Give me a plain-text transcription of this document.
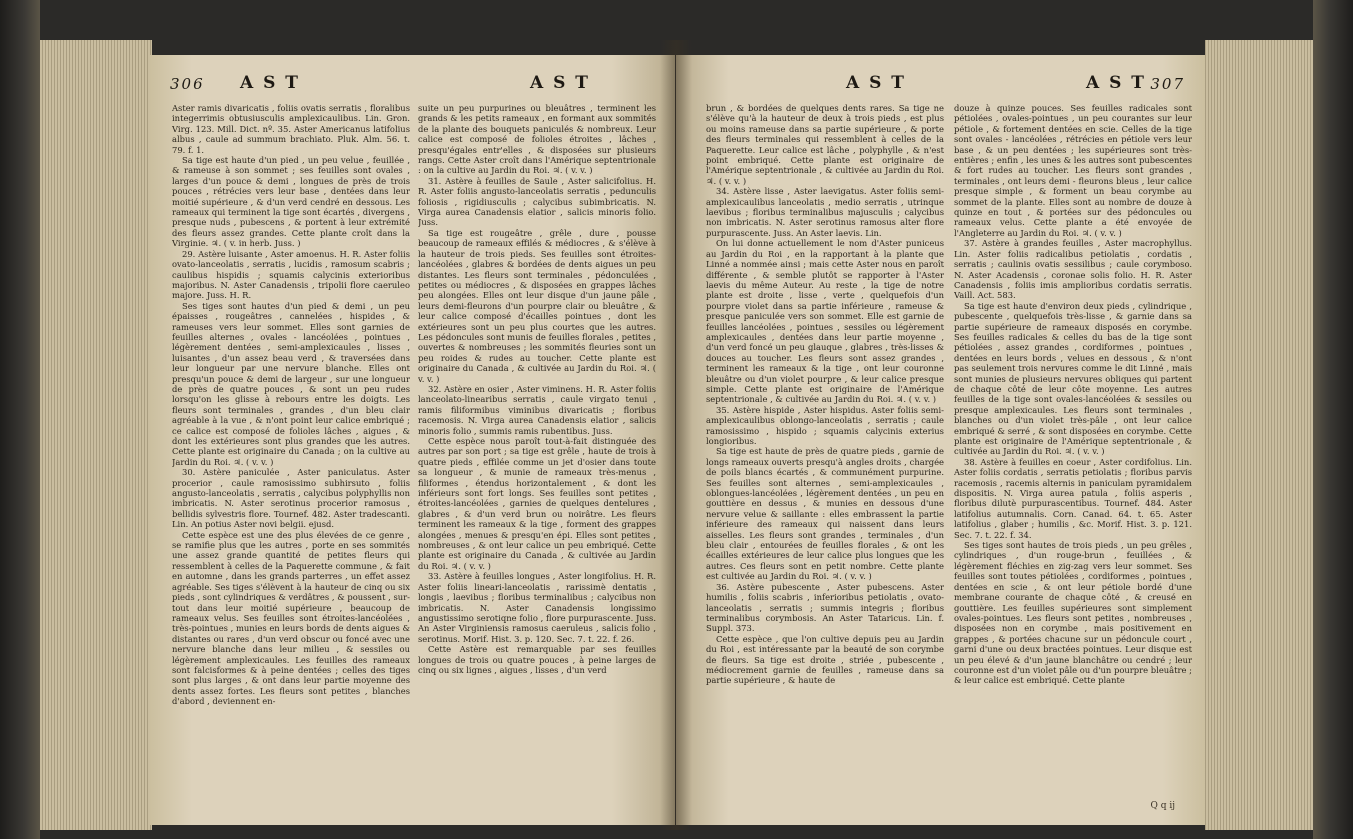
306 A S T	A S T

Aster ramis divaricatis , foliis ovatis serratis , floralibus integerrimis obtusiusculis amplexicaulibus. Lin. Gron. Virg. 123. Mill. Dict. nº. 35. Aster Americanus latifolius albus , caule ad summum brachiato. Pluk. Alm. 56. t. 79. f. 1.

Sa tige est haute d'un pied , un peu velue , feuillée , & rameuse à son sommet ; ses feuilles sont ovales , larges d'un pouce & demi , longues de près de trois pouces , rétrécies vers leur base , dentées dans leur moitié supérieure , & d'un verd cendré en dessous. Les rameaux qui terminent la tige sont écartés , divergens , presque nuds , pubescens , & portent à leur extrémité des fleurs assez grandes. Cette plante croît dans la Virginie. ♃. ( v. in herb. Juss. )

29. Astère luisante , Aster amoenus. H. R. Aster foliis ovato-lanceolatis , serratis , lucidis , ramosum scabris ; caulibus hispidis ; squamis calycinis exterioribus majoribus. N. Aster Canadensis , tripolii flore caeruleo majore. Juss. H. R.

Ses tiges sont hautes d'un pied & demi , un peu épaisses , rougeâtres , cannelées , hispides , & rameuses vers leur sommet. Elles sont garnies de feuilles alternes , ovales - lancéolées , pointues , légèrement dentées , semi-amplexicaules , lisses , luisantes , d'un assez beau verd , & traversées dans leur longueur par une nervure blanche. Elles ont presqu'un pouce & demi de largeur , sur une longueur de près de quatre pouces , & sont un peu rudes lorsqu'on les glisse à rebours entre les doigts. Les fleurs sont terminales , grandes , d'un bleu clair agréable à la vue , & n'ont point leur calice embriqué ; ce calice est composé de folioles lâches , aigues , & dont les extérieures sont plus grandes que les autres. Cette plante est originaire du Canada ; on la cultive au Jardin du Roi. ♃. ( v. v. )

30. Astère paniculée , Aster paniculatus. Aster procerior , caule ramosissimo subhirsuto , foliis angusto-lanceolatis , serratis , calycibus polyphyllis non imbricatis. N. Aster serotinus procerior ramosus , bellidis sylvestris flore. Tournef. 482. Aster tradescanti. Lin. An potius Aster novi belgii. ejusd.

Cette espèce est une des plus élevées de ce genre , se ramifie plus que les autres , porte en ses sommités une assez grande quantité de petites fleurs qui ressemblent à celles de la Paquerette commune , & fait en automne , dans les grands parterres , un effet assez agréable. Ses tiges s'élèvent à la hauteur de cinq ou six pieds , sont cylindriques & verdâtres , & poussent , sur-tout dans leur moitié supérieure , beaucoup de rameaux velus. Ses feuilles sont étroites-lancéolées , très-pointues , munies en leurs bords de dents aigues & distantes ou rares , d'un verd obscur ou foncé avec une nervure blanche dans leur milieu , & sessiles ou légèrement amplexicaules. Les feuilles des rameaux sont falcisformes & à peine dentées ; celles des tiges sont plus larges , & ont dans leur partie moyenne des dents assez fortes. Les fleurs sont petites , blanches d'abord , deviennent en-

suite un peu purpurines ou bleuâtres , terminent les grands & les petits rameaux , en formant aux sommités de la plante des bouquets paniculés & nombreux. Leur calice est composé de folioles étroites , lâches , presqu'égales entr'elles , & disposées sur plusieurs rangs. Cette Aster croît dans l'Amérique septentrionale : on la cultive au Jardin du Roi. ♃. ( v. v. )

31. Astère à feuilles de Saule , Aster salicifolius. H. R. Aster foliis angusto-lanceolatis serratis , pedunculis foliosis , rigidiusculis ; calycibus subimbricatis. N. Virga aurea Canadensis elatior , salicis minoris folio. Juss.

Sa tige est rougeâtre , grêle , dure , pousse beaucoup de rameaux effilés & médiocres , & s'élève à la hauteur de trois pieds. Ses feuilles sont étroites-lancéolées , glabres & bordées de dents aigues un peu distantes. Les fleurs sont terminales , pédonculées , petites ou médiocres , & disposées en grappes lâches peu alongées. Elles ont leur disque d'un jaune pâle , leurs demi-fleurons d'un pourpre clair ou bleuâtre , & leur calice composé d'écailles pointues , dont les extérieures sont un peu plus courtes que les autres. Les pédoncules sont munis de feuilles florales , petites , ouvertes & nombreuses ; les sommités fleuries sont un peu roides & rudes au toucher. Cette plante est originaire du Canada , & cultivée au Jardin du Roi. ♃. ( v. v. )

32. Astère en osier , Aster viminens. H. R. Aster foliis lanceolato-linearibus serratis , caule virgato tenui , ramis filiformibus viminibus divaricatis ; floribus racemosis. N. Virga aurea Canadensis elatior , salicis minoris folio , summis ramis rubentibus. Juss.

Cette espèce nous paroît tout-à-fait distinguée des autres par son port ; sa tige est grêle , haute de trois à quatre pieds , effilée comme un jet d'osier dans toute sa longueur , & munie de rameaux très-menus , filiformes , étendus horizontalement , & dont les inférieurs sont fort longs. Ses feuilles sont petites , étroites-lancéolées , garnies de quelques dentelures , glabres , & d'un verd brun ou noirâtre. Les fleurs terminent les rameaux & la tige , forment des grappes alongées , menues & presqu'en épi. Elles sont petites , nombreuses , & ont leur calice un peu embriqué. Cette plante est originaire du Canada , & cultivée au Jardin du Roi. ♃. ( v. v. )

33. Astère à feuilles longues , Aster longifolius. H. R. Aster foliis lineari-lanceolatis , rarissimè dentatis , longis , laevibus ; floribus terminalibus ; calycibus non imbricatis. N. Aster Canadensis longissimo angustissimo serotiqne folio , flore purpurascente. Juss. An Aster Virginiensis ramosus caeruleus , salicis folio , serotinus. Morif. Hist. 3. p. 120. Sec. 7. t. 22. f. 26.

Cette Astère est remarquable par ses feuilles longues de trois ou quatre pouces , à peine larges de cinq ou six lignes , aigues , lisses , d'un verd

A S T	A S T 307

brun , & bordées de quelques dents rares. Sa tige ne s'élève qu'à la hauteur de deux à trois pieds , est plus ou moins rameuse dans sa partie supérieure , & porte des fleurs terminales qui ressemblent à celles de la Paquerette. Leur calice est lâche , polyphylle , & n'est point embriqué. Cette plante est originaire de l'Amérique septentrionale , & cultivée au Jardin du Roi. ♃. ( v. v. )

34. Astère lisse , Aster laevigatus. Aster foliis semi-amplexicaulibus lanceolatis , medio serratis , utrinque laevibus ; floribus terminalibus majusculis ; calycibus non imbricatis. N. Aster serotinus ramosus alter flore purpurascente. Juss. An Aster laevis. Lin.

On lui donne actuellement le nom d'Aster puniceus au Jardin du Roi , en la rapportant à la plante que Linné a nommée ainsi ; mais cette Aster nous en paroît différente , & semble plutôt se rapporter à l'Aster laevis du même Auteur. Au reste , la tige de notre plante est droite , lisse , verte , quelquefois d'un pourpre violet dans sa partie inférieure , rameuse & presque paniculée vers son sommet. Elle est garnie de feuilles lancéolées , pointues , sessiles ou légèrement amplexicaules , dentées dans leur partie moyenne , d'un verd foncé un peu glauque , glabres , très-lisses & douces au toucher. Les fleurs sont assez grandes , terminent les rameaux & la tige , ont leur couronne bleuâtre ou d'un violet pourpre , & leur calice presque simple. Cette plante est originaire de l'Amérique septentrionale , & cultivée au Jardin du Roi. ♃. ( v. v. )

35. Astère hispide , Aster hispidus. Aster foliis semi-amplexicaulibus oblongo-lanceolatis , serratis ; caule ramosissimo , hispido ; squamis calycinis exterius longioribus.

Sa tige est haute de près de quatre pieds , garnie de longs rameaux ouverts presqu'à angles droits , chargée de poils blancs écartés , & communément purpurine. Ses feuilles sont alternes , semi-amplexicaules , oblongues-lancéolées , légèrement dentées , un peu en gouttière en dessus , & munies en dessous d'une nervure velue & saillante : elles embrassent la partie inférieure des rameaux qui naissent dans leurs aisselles. Les fleurs sont grandes , terminales , d'un bleu clair , entourées de feuilles florales , & ont les écailles extérieures de leur calice plus longues que les autres. Ces fleurs sont en petit nombre. Cette plante est cultivée au Jardin du Roi. ♃. ( v. v. )

36. Astère pubescente , Aster pubescens. Aster humilis , foliis scabris , inferioribus petiolatis , ovato-lanceolatis , serratis ; summis integris ; floribus terminalibus corymbosis. An Aster Tataricus. Lin. f. Suppl. 373.

Cette espèce , que l'on cultive depuis peu au Jardin du Roi , est intéressante par la beauté de son corymbe de fleurs. Sa tige est droite , striée , pubescente , médiocrement garnie de feuilles , rameuse dans sa partie supérieure , & haute de

douze à quinze pouces. Ses feuilles radicales sont pétiolées , ovales-pointues , un peu courantes sur leur pétiole , & fortement dentées en scie. Celles de la tige sont ovales - lancéolées , rétrécies en pétiole vers leur base , & un peu dentées ; les supérieures sont très-entières ; enfin , les unes & les autres sont pubescentes & fort rudes au toucher. Les fleurs sont grandes , terminales , ont leurs demi - fleurons bleus , leur calice presque simple , & forment un beau corymbe au sommet de la plante. Elles sont au nombre de douze à quinze en tout , & portées sur des pédoncules ou rameaux velus. Cette plante a été envoyée de l'Angleterre au Jardin du Roi. ♃. ( v. v. )

37. Astère à grandes feuilles , Aster macrophyllus. Lin. Aster foliis radicalibus petiolatis , cordatis , serratis ; caulinis ovatis sessilibus ; caule corymboso. N. Aster Acadensis , coronae solis folio. H. R. Aster Canadensis , foliis imis amplioribus cordatis serratis. Vaill. Act. 583.

Sa tige est haute d'environ deux pieds , cylindrique , pubescente , quelquefois très-lisse , & garnie dans sa partie supérieure de rameaux disposés en corymbe. Ses feuilles radicales & celles du bas de la tige sont pétiolées , assez grandes , cordiformes , pointues , dentées en leurs bords , velues en dessous , & n'ont pas seulement trois nervures comme le dit Linné , mais sont munies de plusieurs nervures obliques qui partent de chaque côté de leur côte moyenne. Les autres feuilles de la tige sont ovales-lancéolées & sessiles ou presque amplexicaules. Les fleurs sont terminales , blanches ou d'un violet très-pâle , ont leur calice embriqué & serré , & sont disposées en corymbe. Cette plante est originaire de l'Amérique septentrionale , & cultivée au Jardin du Roi. ♃. ( v. v. )

38. Astère à feuilles en coeur , Aster cordifolius. Lin. Aster foliis cordatis , serratis petiolatis ; floribus parvis racemosis , racemis alternis in paniculam pyramidalem dispositis. N. Virga aurea patula , foliis asperis , floribus dilutè purpurascentibus. Tournef. 484. Aster latifolius autumnalis. Corn. Canad. 64. t. 65. Aster latifolius , glaber ; humilis , &c. Morif. Hist. 3. p. 121. Sec. 7. t. 22. f. 34.

Ses tiges sont hautes de trois pieds , un peu grêles , cylindriques , d'un rouge-brun , feuillées , & légèrement fléchies en zig-zag vers leur sommet. Ses feuilles sont toutes pétiolées , cordiformes , pointues , dentées en scie , & ont leur pétiole bordé d'une membrane courante de chaque côté , & creusé en gouttière. Les feuilles supérieures sont simplement ovales-pointues. Les fleurs sont petites , nombreuses , disposées non en corymbe , mais positivement en grappes , & portées chacune sur un pédoncule court , garni d'une ou deux bractées pointues. Leur disque est un peu élevé & d'un jaune blanchâtre ou cendré ; leur couronne est d'un violet pâle ou d'un pourpre bleuâtre ; & leur calice est embriqué. Cette plante

Q q ij
